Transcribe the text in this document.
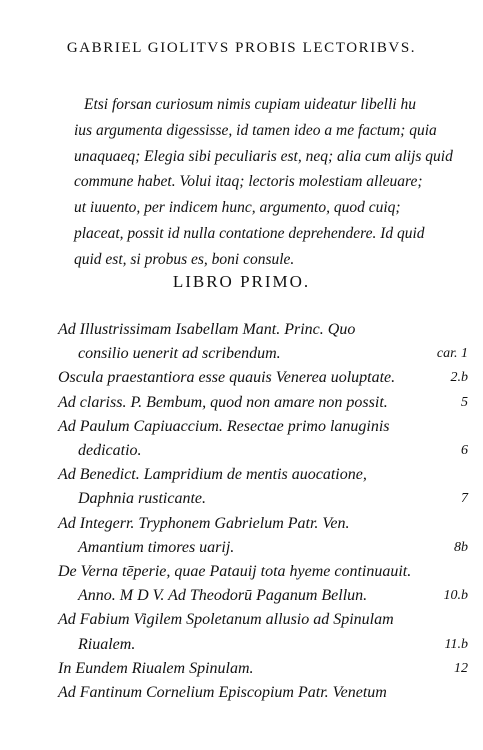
GABRIEL GIOLITVS PROBIS LECTORIBVS.
Etsi forsan curiosum nimis cupiam uideatur libelli hu
ius argumenta digessisse, id tamen ideo a me factum; quia
unaquaeq; Elegia sibi peculiaris est, neq; alia cum alijs quid
commune habet. Volui itaq; lectoris molestiam alleuare;
ut iuuento, per indicem hunc, argumento, quod cuiq;
placeat, possit id nulla contatione deprehendere. Id quid
quid est, si probus es, boni consule.
LIBRO PRIMO.
Ad Illustrissimam Isabellam Mant. Princ. Quo
consilio uenerit ad scribendum.	car. 1
Oscula praestantiora esse quauis Venerea uoluptate.	2.b
Ad clariss. P. Bembum, quod non amare non possit.	5
Ad Paulum Capiuaccium. Resectae primo lanuginis
dedicatio.	6
Ad Benedict. Lampridium de mentis auocatione,
Daphnia rusticante.	7
Ad Integerr. Tryphonem Gabrielum Patr. Ven.
Amantium timores uarij.	8b
De Verna tēperie, quae Patauij tota hyeme continuauit.
Anno. M D V. Ad Theodorū Paganum Bellun.	10.b
Ad Fabium Vigilem Spoletanum allusio ad Spinulam
Riualem.	11.b
In Eundem Riualem Spinulam.	12
Ad Fantinum Cornelium Episcopium Patr. Venetum
